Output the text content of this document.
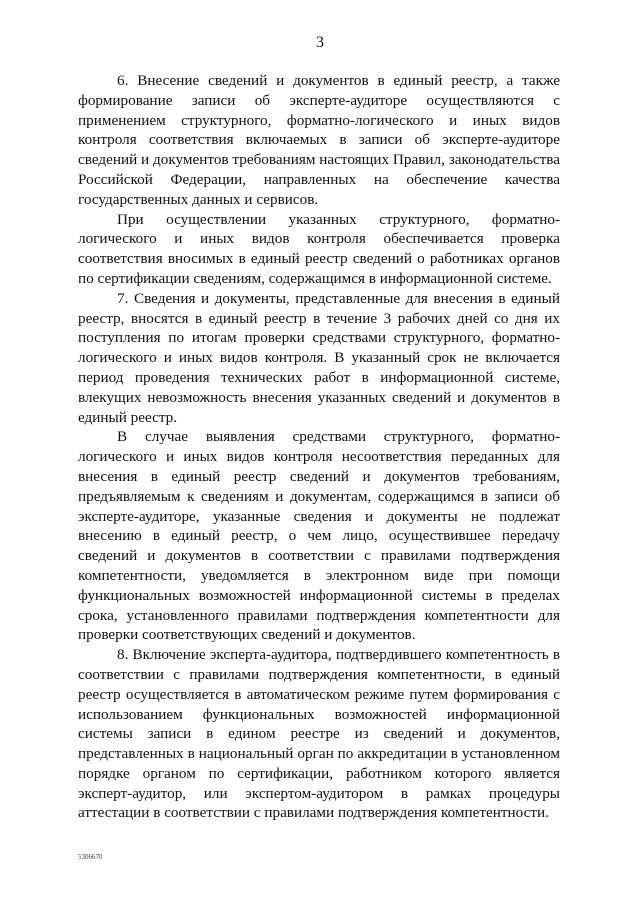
3

6. Внесение сведений и документов в единый реестр, а также формирование записи об эксперте-аудиторе осуществляются с применением структурного, форматно-логического и иных видов контроля соответствия включаемых в записи об эксперте-аудиторе сведений и документов требованиям настоящих Правил, законодательства Российской Федерации, направленных на обеспечение качества государственных данных и сервисов.

При осуществлении указанных структурного, форматно-логического и иных видов контроля обеспечивается проверка соответствия вносимых в единый реестр сведений о работниках органов по сертификации сведениям, содержащимся в информационной системе.

7. Сведения и документы, представленные для внесения в единый реестр, вносятся в единый реестр в течение 3 рабочих дней со дня их поступления по итогам проверки средствами структурного, форматно-логического и иных видов контроля. В указанный срок не включается период проведения технических работ в информационной системе, влекущих невозможность внесения указанных сведений и документов в единый реестр.

В случае выявления средствами структурного, форматно-логического и иных видов контроля несоответствия переданных для внесения в единый реестр сведений и документов требованиям, предъявляемым к сведениям и документам, содержащимся в записи об эксперте-аудиторе, указанные сведения и документы не подлежат внесению в единый реестр, о чем лицо, осуществившее передачу сведений и документов в соответствии с правилами подтверждения компетентности, уведомляется в электронном виде при помощи функциональных возможностей информационной системы в пределах срока, установленного правилами подтверждения компетентности для проверки соответствующих сведений и документов.

8. Включение эксперта-аудитора, подтвердившего компетентность в соответствии с правилами подтверждения компетентности, в единый реестр осуществляется в автоматическом режиме путем формирования с использованием функциональных возможностей информационной системы записи в едином реестре из сведений и документов, представленных в национальный орган по аккредитации в установленном порядке органом по сертификации, работником которого является эксперт-аудитор, или экспертом-аудитором в рамках процедуры аттестации в соответствии с правилами подтверждения компетентности.

5306670
